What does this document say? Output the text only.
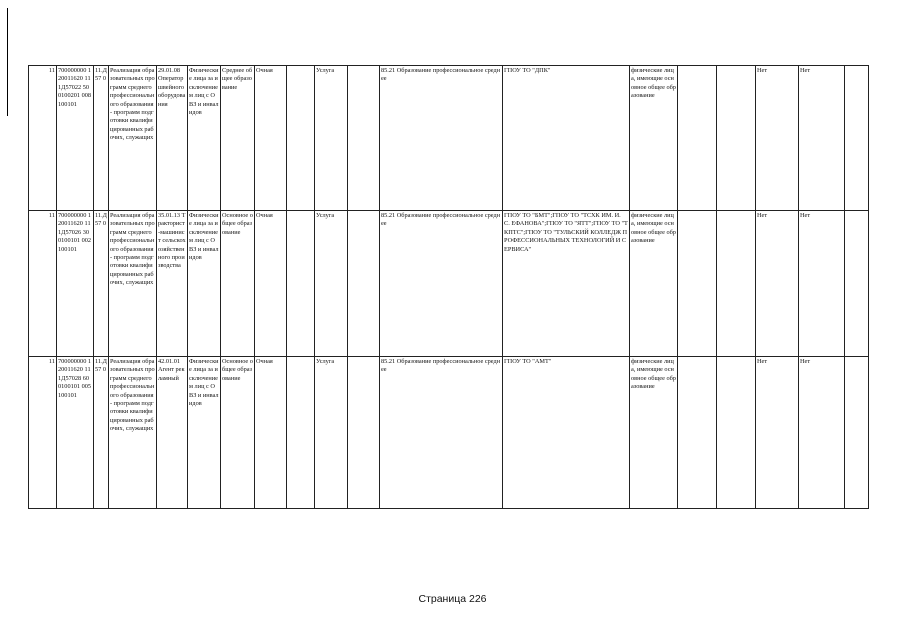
11	700000000 120011620 111Д57022 500100201 008100101	11.Д57 0	Реализация образовательных программ среднего профессионального образования - программ подготовки квалифицированных рабочих, служащих	29.01.08 Оператор швейного оборудования	Физические лица за исключением лиц с ОВЗ и инвалидов	Среднее общее образование	Очная		Услуга		85.21 Образование профессиональное среднее	ГПОУ ТО "ДПК"	физические лица, имеющие основное общее образование			Нет	Нет	
11	700000000 120011620 111Д57026 300100101 002100101	11.Д57 0	Реализация образовательных программ среднего профессионального образования - программ подготовки квалифицированных рабочих, служащих	35.01.13 Тракторист-машинист сельскохозяйственного производства	Физические лица за исключением лиц с ОВЗ и инвалидов	Основное общее образование	Очная		Услуга		85.21 Образование профессиональное среднее	ГПОУ ТО "БМТ";ГПОУ ТО "ТСХК ИМ. И. С. ЕФАНОВА";ГПОУ ТО "ЯТТ";ГПОУ ТО "ТКПТС";ГПОУ ТО "ТУЛЬСКИЙ КОЛЛЕДЖ ПРОФЕССИОНАЛЬНЫХ ТЕХНОЛОГИЙ И СЕРВИСА"	физические лица, имеющие основное общее образование			Нет	Нет	
11	700000000 120011620 111Д57028 600100101 005100101	11.Д57 0	Реализация образовательных программ среднего профессионального образования - программ подготовки квалифицированных рабочих, служащих	42.01.01 Агент рекламный	Физические лица за исключением лиц с ОВЗ и инвалидов	Основное общее образование	Очная		Услуга		85.21 Образование профессиональное среднее	ГПОУ ТО "АМТ"	физические лица, имеющие основное общее образование			Нет	Нет	
Страница 226
